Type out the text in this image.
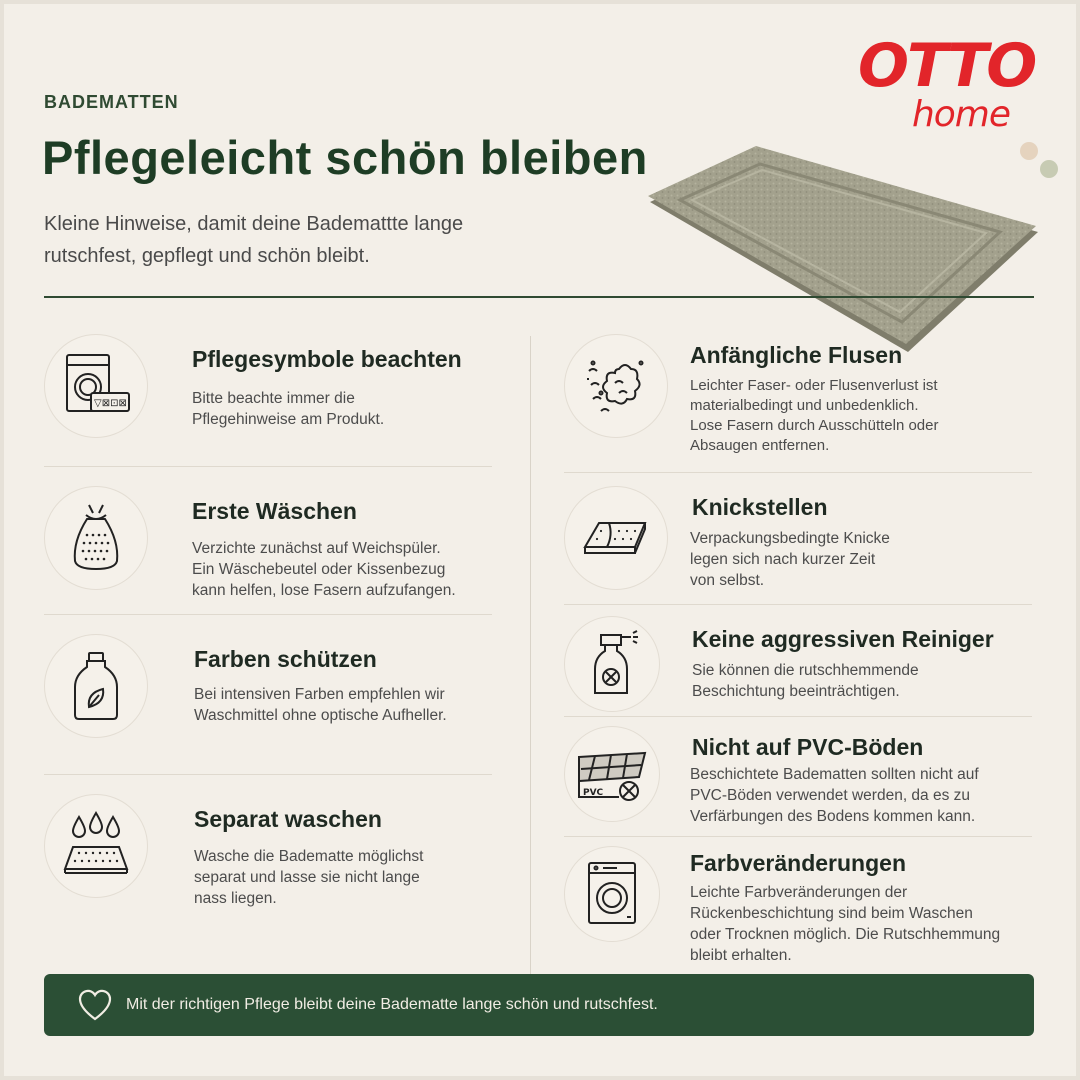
BADEMATTEN
Pflegeleicht schön bleiben
Kleine Hinweise, damit deine Bademattte lange
rutschfest, gepflegt und schön bleibt.
OTTO
home
▽⊠⊡⊠
Pflegesymbole beachten
Bitte beachte immer die
Pflegehinweise am Produkt.
Erste Wäschen
Verzichte zunächst auf Weichspüler.
Ein Wäschebeutel oder Kissenbezug
kann helfen, lose Fasern aufzufangen.
Farben schützen
Bei intensiven Farben empfehlen wir
Waschmittel ohne optische Aufheller.
Separat waschen
Wasche die Badematte möglichst
separat und lasse sie nicht lange
nass liegen.
Anfängliche Flusen
Leichter Faser- oder Flusenverlust ist
materialbedingt und unbedenklich.
Lose Fasern durch Ausschütteln oder
Absaugen entfernen.
Knickstellen
Verpackungsbedingte Knicke
legen sich nach kurzer Zeit
von selbst.
Keine aggressiven Reiniger
Sie können die rutschhemmende
Beschichtung beeinträchtigen.
PVC
Nicht auf PVC-Böden
Beschichtete Badematten sollten nicht auf
PVC-Böden verwendet werden, da es zu
Verfärbungen des Bodens kommen kann.
Farbveränderungen
Leichte Farbveränderungen der
Rückenbeschichtung sind beim Waschen
oder Trocknen möglich. Die Rutschhemmung
bleibt erhalten.
Mit der richtigen Pflege bleibt deine Badematte lange schön und rutschfest.
